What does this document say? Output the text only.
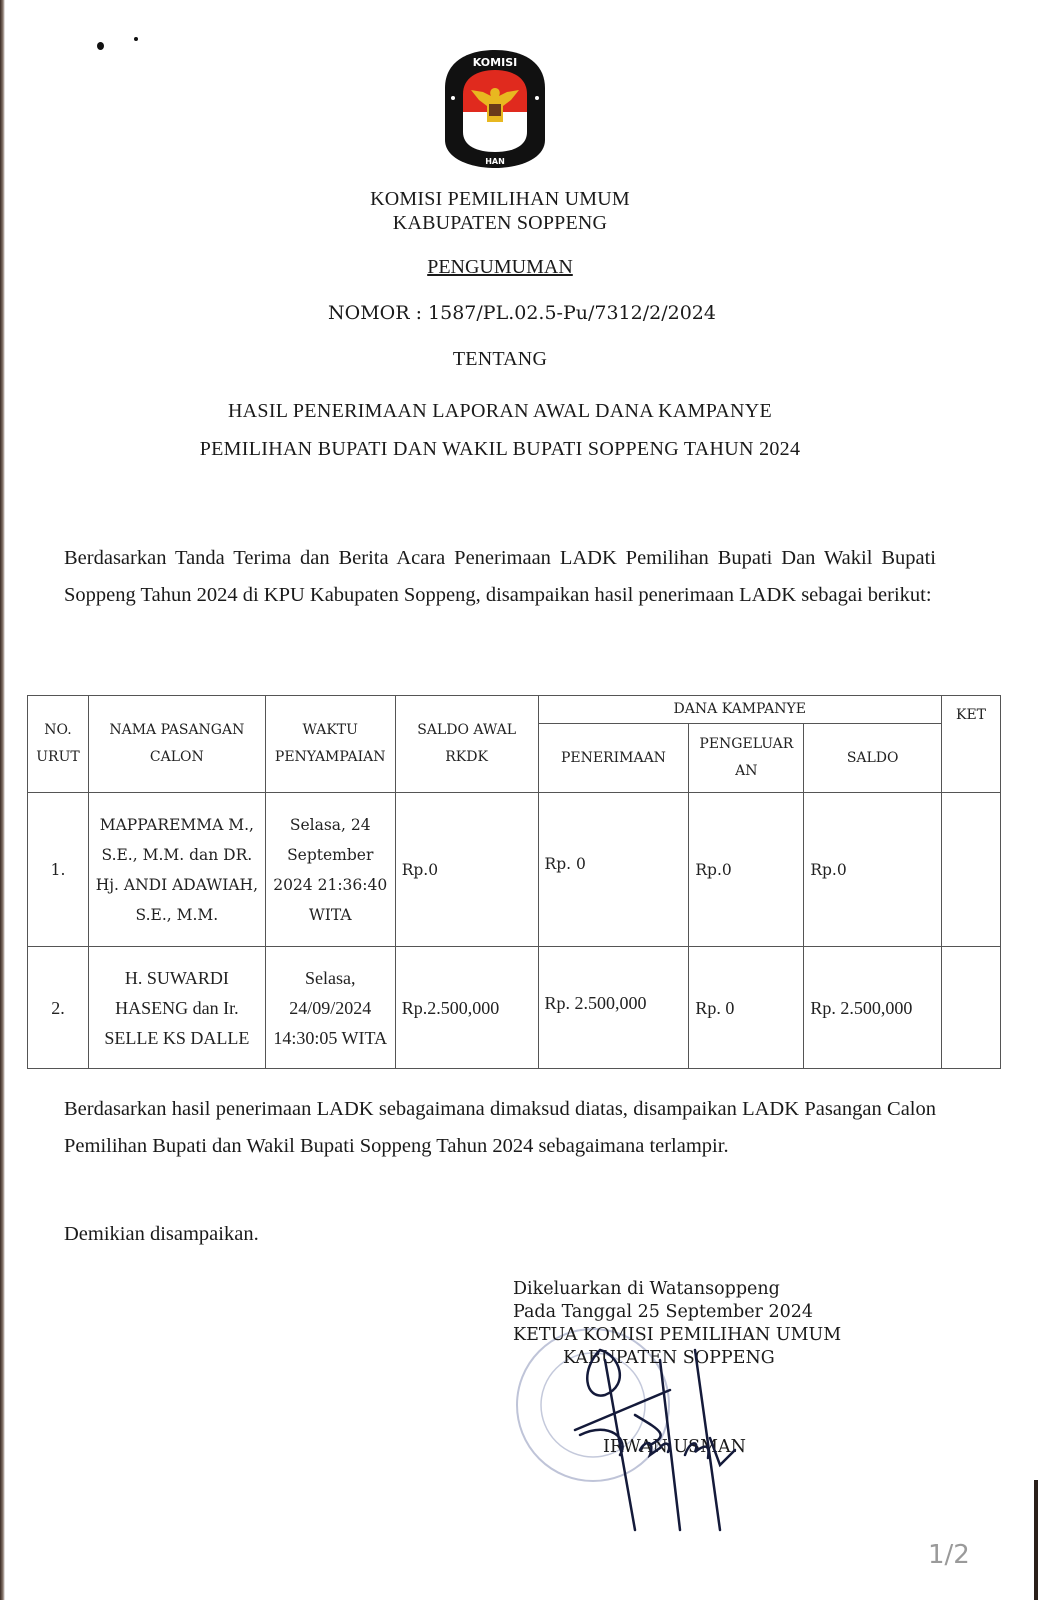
KOMISI
HAN
KOMISI PEMILIHAN UMUM
KABUPATEN SOPPENG
PENGUMUMAN
NOMOR : 1587/PL.02.5-Pu/7312/2/2024
TENTANG
HASIL PENERIMAAN LAPORAN AWAL DANA KAMPANYE
PEMILIHAN BUPATI DAN WAKIL BUPATI SOPPENG TAHUN 2024
Berdasarkan Tanda Terima dan Berita Acara Penerimaan LADK Pemilihan Bupati Dan Wakil Bupati Soppeng Tahun 2024 di KPU Kabupaten Soppeng, disampaikan hasil penerimaan LADK sebagai berikut:
NO. URUT	NAMA PASANGAN CALON	WAKTU PENYAMPAIAN	SALDO AWAL RKDK	DANA KAMPANYE			KET
				PENERIMAAN	PENGELUAR AN	SALDO	
1.	MAPPAREMMA M., S.E., M.M. dan DR. Hj. ANDI ADAWIAH, S.E., M.M.	Selasa, 24 September 2024 21:36:40 WITA	Rp.0	Rp. 0	Rp.0	Rp.0	
2.	H. SUWARDI HASENG dan Ir. SELLE KS DALLE	Selasa, 24/09/2024 14:30:05 WITA	Rp.2.500,000	Rp. 2.500,000	Rp. 0	Rp. 2.500,000	
Berdasarkan hasil penerimaan LADK sebagaimana dimaksud diatas, disampaikan LADK Pasangan Calon Pemilihan Bupati dan Wakil Bupati Soppeng Tahun 2024 sebagaimana terlampir.
Demikian disampaikan.
Dikeluarkan di Watansoppeng
Pada Tanggal 25 September 2024
KETUA KOMISI PEMILIHAN UMUM
KABUPATEN SOPPENG
IRWAN USMAN
1/2
